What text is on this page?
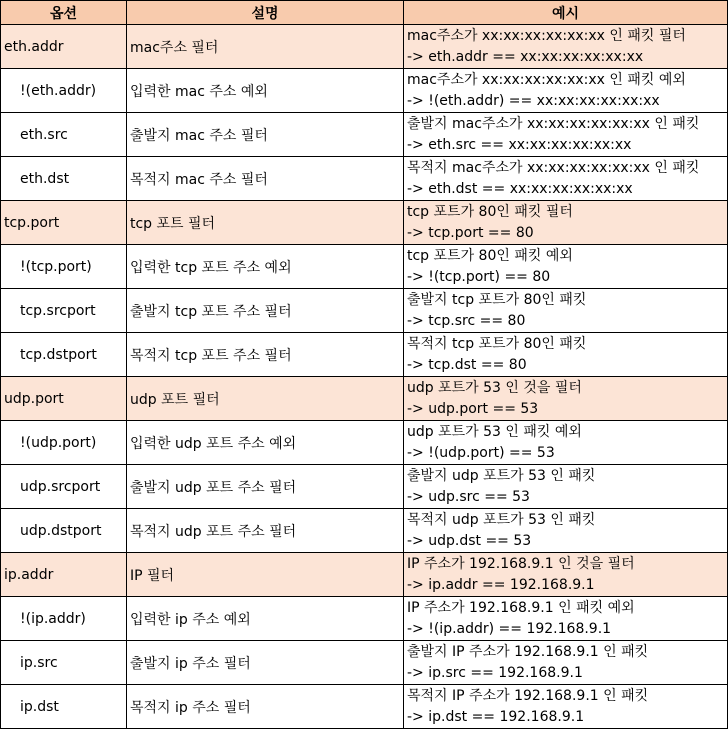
옵션	설명	예시
eth.addr	mac주소 필터	mac주소가 xx:xx:xx:xx:xx:xx 인 패킷 필터
-> eth.addr == xx:xx:xx:xx:xx:xx

!(eth.addr)	입력한 mac 주소 예외	mac주소가 xx:xx:xx:xx:xx:xx 인 패킷 예외
-> !(eth.addr) == xx:xx:xx:xx:xx:xx

eth.src	출발지 mac 주소 필터	출발지 mac주소가 xx:xx:xx:xx:xx:xx 인 패킷
-> eth.src == xx:xx:xx:xx:xx:xx

eth.dst	목적지 mac 주소 필터	목적지 mac주소가 xx:xx:xx:xx:xx:xx 인 패킷
-> eth.dst == xx:xx:xx:xx:xx:xx

tcp.port	tcp 포트 필터	tcp 포트가 80인 패킷 필터
-> tcp.port == 80

!(tcp.port)	입력한 tcp 포트 주소 예외	tcp 포트가 80인 패킷 예외
-> !(tcp.port) == 80

tcp.srcport	출발지 tcp 포트 주소 필터	출발지 tcp 포트가 80인 패킷
-> tcp.src == 80

tcp.dstport	목적지 tcp 포트 주소 필터	목적지 tcp 포트가 80인 패킷
-> tcp.dst == 80

udp.port	udp 포트 필터	udp 포트가 53 인 것을 필터
-> udp.port == 53

!(udp.port)	입력한 udp 포트 주소 예외	udp 포트가 53 인 패킷 예외
-> !(udp.port) == 53

udp.srcport	출발지 udp 포트 주소 필터	출발지 udp 포트가 53 인 패킷
-> udp.src == 53

udp.dstport	목적지 udp 포트 주소 필터	목적지 udp 포트가 53 인 패킷
-> udp.dst == 53

ip.addr	IP 필터	IP 주소가 192.168.9.1 인 것을 필터
-> ip.addr == 192.168.9.1

!(ip.addr)	입력한 ip 주소 예외	IP 주소가 192.168.9.1 인 패킷 예외
-> !(ip.addr) == 192.168.9.1

ip.src	출발지 ip 주소 필터	출발지 IP 주소가 192.168.9.1 인 패킷
-> ip.src == 192.168.9.1

ip.dst	목적지 ip 주소 필터	목적지 IP 주소가 192.168.9.1 인 패킷
-> ip.dst == 192.168.9.1
